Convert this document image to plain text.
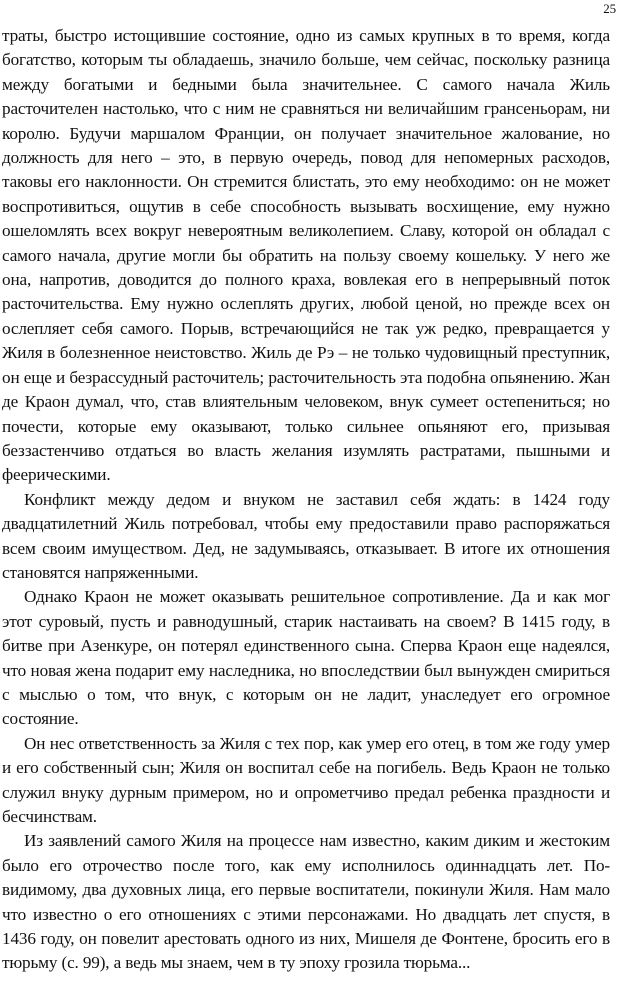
25

траты, быстро истощившие состояние, одно из самых крупных в то время, когда богатство, которым ты обладаешь, значило больше, чем сейчас, поскольку разница между богатыми и бедными была значительнее. С самого начала Жиль расточителен настолько, что с ним не сравняться ни величайшим грансеньорам, ни королю. Будучи маршалом Франции, он получает значительное жалование, но должность для него – это, в первую очередь, повод для непомерных расходов, таковы его наклонности. Он стремится блистать, это ему необходимо: он не может воспротивиться, ощутив в себе способность вызывать восхищение, ему нужно ошеломлять всех вокруг невероятным великолепием. Славу, которой он обладал с самого начала, другие могли бы обратить на пользу своему кошельку. У него же она, напротив, доводится до полного краха, вовлекая его в непрерывный поток расточительства. Ему нужно ослеплять других, любой ценой, но прежде всех он ослепляет себя самого. Порыв, встречающийся не так уж редко, превращается у Жиля в болезненное неистовство. Жиль де Рэ – не только чудовищный преступник, он еще и безрассудный расточитель; расточительность эта подобна опьянению. Жан де Краон думал, что, став влиятельным человеком, внук сумеет остепениться; но почести, которые ему оказывают, только сильнее опьяняют его, призывая беззастенчиво отдаться во власть желания изумлять растратами, пышными и феерическими.

Конфликт между дедом и внуком не заставил себя ждать: в 1424 году двадцатилетний Жиль потребовал, чтобы ему предоставили право распоряжаться всем своим имуществом. Дед, не задумываясь, отказывает. В итоге их отношения становятся напряженными.

Однако Краон не может оказывать решительное сопротивление. Да и как мог этот суровый, пусть и равнодушный, старик настаивать на своем? В 1415 году, в битве при Азенкуре, он потерял единственного сына. Сперва Краон еще надеялся, что новая жена подарит ему наследника, но впоследствии был вынужден смириться с мыслью о том, что внук, с которым он не ладит, унаследует его огромное состояние.

Он нес ответственность за Жиля с тех пор, как умер его отец, в том же году умер и его собственный сын; Жиля он воспитал себе на погибель. Ведь Краон не только служил внуку дурным примером, но и опрометчиво предал ребенка праздности и бесчинствам.

Из заявлений самого Жиля на процессе нам известно, каким диким и жестоким было его отрочество после того, как ему исполнилось одиннадцать лет. По-видимому, два духовных лица, его первые воспитатели, покинули Жиля. Нам мало что известно о его отношениях с этими персонажами. Но двадцать лет спустя, в 1436 году, он повелит арестовать одного из них, Мишеля де Фонтене, бросить его в тюрьму (с. 99), а ведь мы знаем, чем в ту эпоху грозила тюрьма...
